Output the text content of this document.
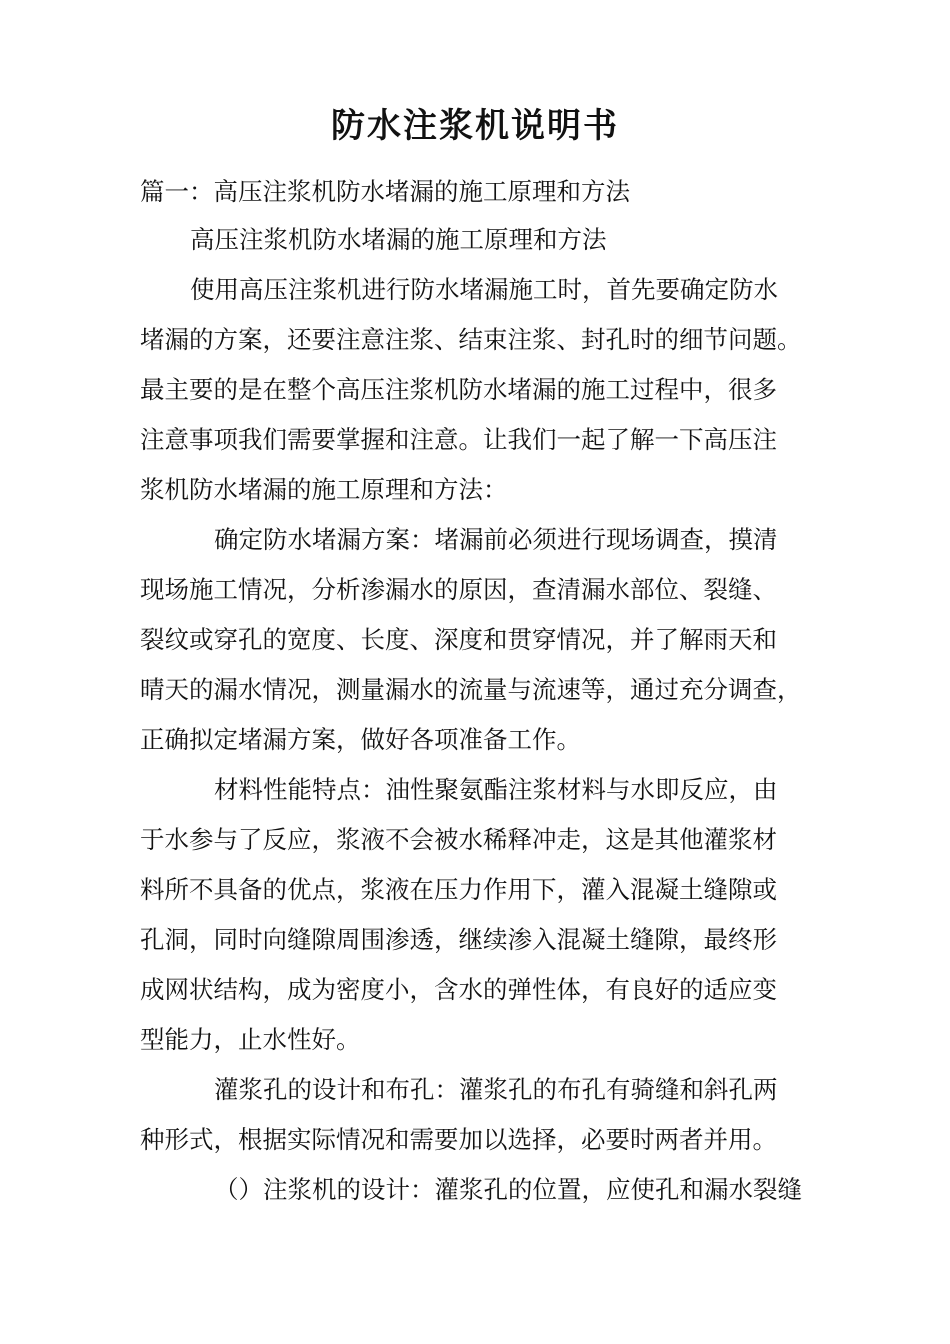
防水注浆机说明书
篇一：高压注浆机防水堵漏的施工原理和方法
高压注浆机防水堵漏的施工原理和方法
使用高压注浆机进行防水堵漏施工时，首先要确定防水
堵漏的方案，还要注意注浆、结束注浆、封孔时的细节问题。
最主要的是在整个高压注浆机防水堵漏的施工过程中，很多
注意事项我们需要掌握和注意。让我们一起了解一下高压注
浆机防水堵漏的施工原理和方法：
确定防水堵漏方案：堵漏前必须进行现场调查，摸清
现场施工情况，分析渗漏水的原因，查清漏水部位、裂缝、
裂纹或穿孔的宽度、长度、深度和贯穿情况，并了解雨天和
晴天的漏水情况，测量漏水的流量与流速等，通过充分调查，
正确拟定堵漏方案，做好各项准备工作。
材料性能特点：油性聚氨酯注浆材料与水即反应，由
于水参与了反应，浆液不会被水稀释冲走，这是其他灌浆材
料所不具备的优点，浆液在压力作用下，灌入混凝土缝隙或
孔洞，同时向缝隙周围渗透，继续渗入混凝土缝隙，最终形
成网状结构，成为密度小，含水的弹性体，有良好的适应变
型能力，止水性好。
灌浆孔的设计和布孔：灌浆孔的布孔有骑缝和斜孔两
种形式，根据实际情况和需要加以选择，必要时两者并用。
（）注浆机的设计：灌浆孔的位置，应使孔和漏水裂缝
